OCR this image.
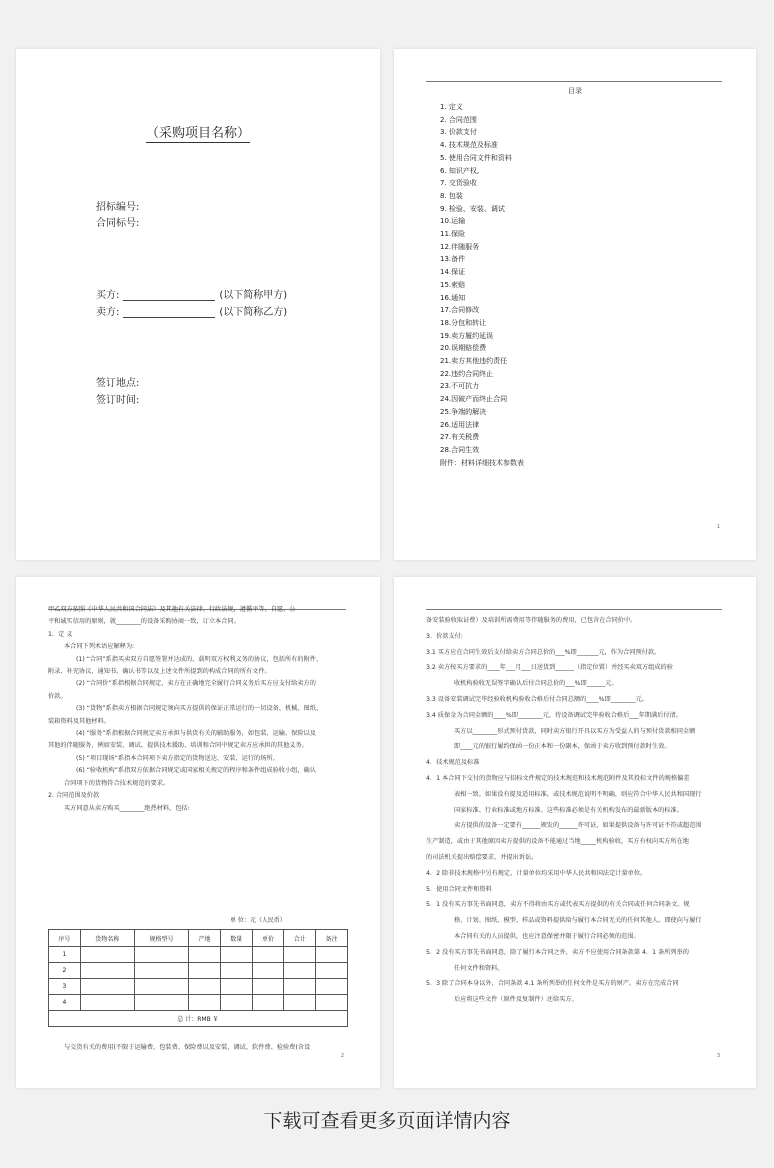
（采购项目名称）
招标编号:
合同标号:
买方:	(以下简称甲方)
卖方:	(以下简称乙方)
签订地点:
签订时间:
目录
1. 定义
2. 合同范围
3. 价款支付
4. 技术规范及标准
5. 使用合同文件和资料
6. 知识产权,
7. 交货验收
8. 包装
9. 检验、安装、调试
10.运输
11.保险
12.伴随服务
13.备件
14.保证
15.索赔
16.通知
17.合同修改
18.分包和转让
19.卖方履约延误
20.误期赔偿费
21.卖方其他违约责任
22.违约合同终止
23.不可抗力
24.因破产而终止合同
25.争端的解决
26.适用法律
27.有关税费
28.合同生效
附件：材料详细技术参数表
1

甲乙双方依照《中华人民共和国合同法》及其他有关法律、行政法规，遵循平等、自愿、公

平和诚实信用的原则，就________的设备采购协商一致，订立本合同。

1．定 义

本合同下列术语应解释为:

(1) “合同”系指买卖双方自愿签署并达成的、载明双方权利义务的协议，包括所有的附件、

附录、补充协议、通知书，确认书等以及上述文件所提到的构成合同的所有文件。

(2) “合同价”系指根据合同规定，卖方在正确地完全履行合同义务后买方应支付给卖方的

价款。

(3) “货物”系指卖方根据合同规定须向买方提供的保证正常运行的一切设备、机械、图纸、

装箱资料及其他材料。

(4) “服务”系指根据合同规定卖方承担与供货有关的辅助服务，如包装、运输、保险以及

其他的伴随服务，例如安装、调试、提供技术援助、培训和合同中规定卖方应承担的其他义务。

(5) “项目现场”系指本合同项下卖方指定的货物送达、安装、运行的场所。

(6) “验收机构”系指双方依据合同规定或国家相关规定的程序和条件组成验收小组，确认

合同项下的货物符合技术规范的要求。

2. 合同范围及价款

买方同意从卖方购买________绝热材料，包括:

单 位：元（人民币）
序号	货物名称	规格型号	产地	数量	单价	合计	备注
1							
2							
3							
4							
总 计：RMB ￥							
与交货有关的费用(不限于运输费、包装费、保险费以及安装、调试、软件费、检验费(含设
2

备安装验收取证费）及培训所需费用等伴随服务的费用，已包含在合同价中。

3．价款支付:

3.1 买方应在合同生效后支付给卖方合同总价的___%即_______元，作为合同预付款。

3.2 卖方按买方要求的____年___月___日送货到______（指定位置）并经买卖双方组成的验

收机构验收无误签字确认后付合同总价的___%即______元。

3.3 设备安装调试完毕经验收机构验收合格后付合同总额的____%即________元。

3.4 质保金为合同金额的____%即________元，待设备调试完毕验收合格后___年期满后付清。

买方以________形式预付货款，同时卖方银行开具以买方为受益人的与预付货款相同金额

即____元的银行履约保函一份正本和一份副本，保函于卖方收到预付款时生效。

4．技术规范及标准

4．1 本合同下交付的货物应与招标文件规定的技术规范和技术规范附件及其投标文件的规格偏差

表相一致。如果没有提及适用标准，或技术规范说明不明确，则应符合中华人民共和国现行

国家标准、行业标准或地方标准。这些标准必须是有关机构发布的最新版本的标准。

卖方提供的设备一定要有______颁发的______许可证，如果提供设备与许可证不符或超范围

生产制造，或由于其他原因卖方提供的设备不能通过当地_____机构验收，买方有权向买方所在地

的司法机关提出赔偿要求，并提出诉讼。

4．2 除非技术规格中另有规定，计量单位均采用中华人民共和国法定计量单位。

5．使用合同文件和资料

5．1 没有买方事先书面同意，卖方不得将由买方或代表买方提供的有关合同或任何合同条文、规

格、计划、图纸、模型、样品或资料提供给与履行本合同无关的任何其他人。即使向与履行

本合同有关的人员提供，也应注意保密并限于履行合同必须的范围。

5．2 没有买方事先书面同意，除了履行本合同之外，卖方不应使用合同条款第 4．1 条所列举的

任何文件和资料。

5．3 除了合同本身以外，合同条款 4.1 条所列举的任何文件是买方的财产。卖方在完成合同

后应将这些文件（原件及复制件）还给买方。

3
下载可查看更多页面详情内容
